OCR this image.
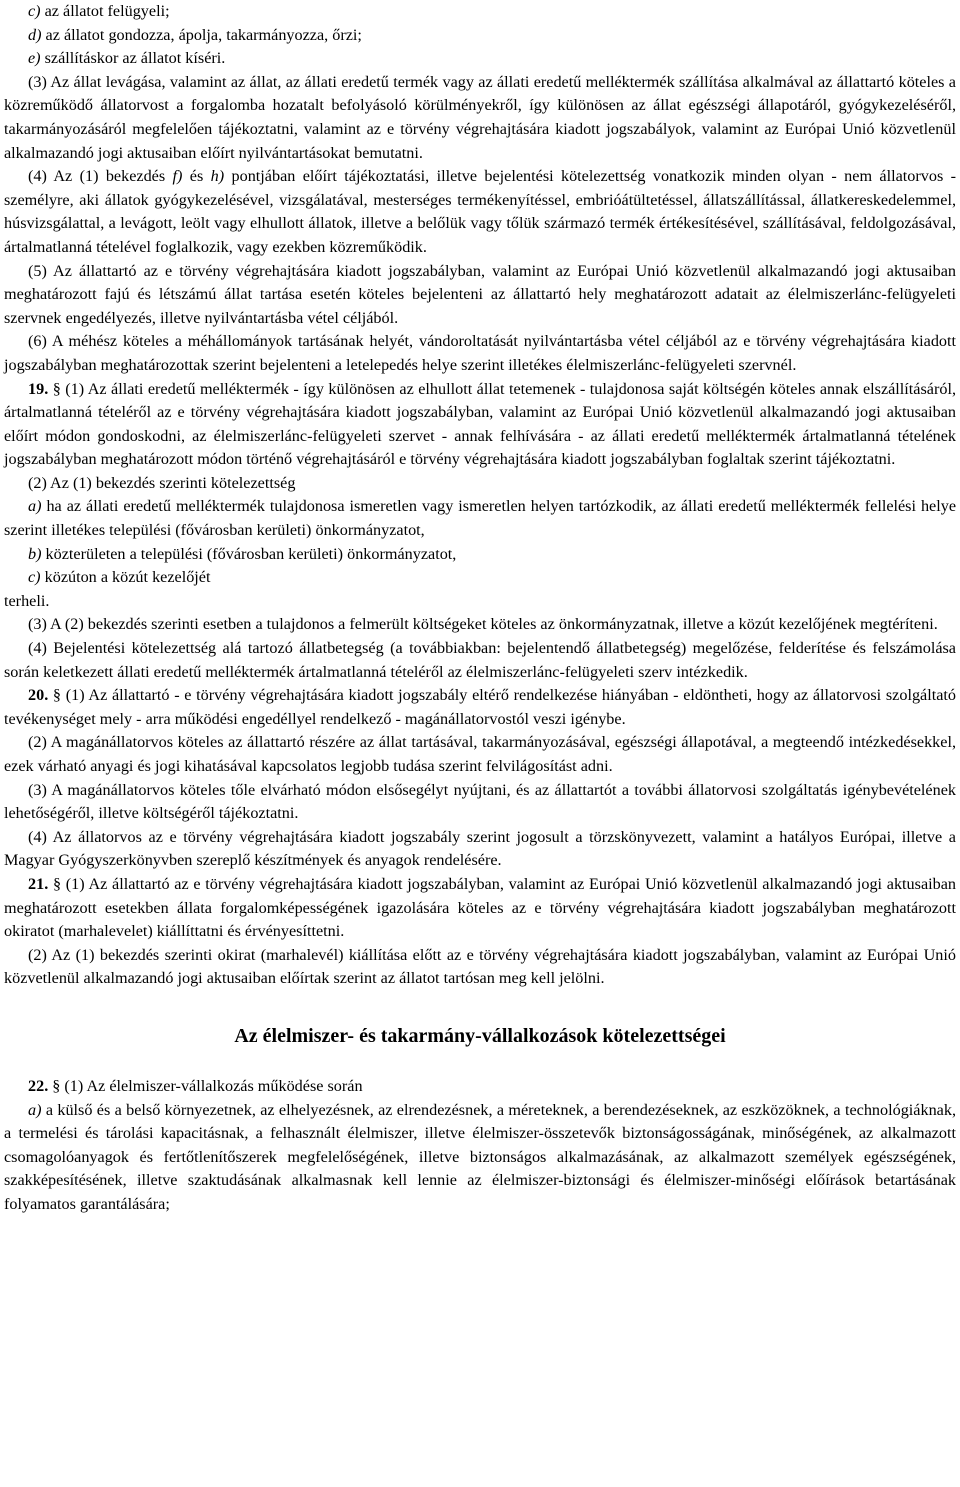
c) az állatot felügyeli;

d) az állatot gondozza, ápolja, takarmányozza, őrzi;

e) szállításkor az állatot kíséri.

(3) Az állat levágása, valamint az állat, az állati eredetű termék vagy az állati eredetű melléktermék szállítása alkalmával az állattartó köteles a közreműködő állatorvost a forgalomba hozatalt befolyásoló körülményekről, így különösen az állat egészségi állapotáról, gyógykezeléséről, takarmányozásáról megfelelően tájékoztatni, valamint az e törvény végrehajtására kiadott jogszabályok, valamint az Európai Unió közvetlenül alkalmazandó jogi aktusaiban előírt nyilvántartásokat bemutatni.

(4) Az (1) bekezdés f) és h) pontjában előírt tájékoztatási, illetve bejelentési kötelezettség vonatkozik minden olyan - nem állatorvos - személyre, aki állatok gyógykezelésével, vizsgálatával, mesterséges termékenyítéssel, embrióátültetéssel, állatszállítással, állatkereskedelemmel, húsvizsgálattal, a levágott, leölt vagy elhullott állatok, illetve a belőlük vagy tőlük származó termék értékesítésével, szállításával, feldolgozásával, ártalmatlanná tételével foglalkozik, vagy ezekben közreműködik.

(5) Az állattartó az e törvény végrehajtására kiadott jogszabályban, valamint az Európai Unió közvetlenül alkalmazandó jogi aktusaiban meghatározott fajú és létszámú állat tartása esetén köteles bejelenteni az állattartó hely meghatározott adatait az élelmiszerlánc-felügyeleti szervnek engedélyezés, illetve nyilvántartásba vétel céljából.

(6) A méhész köteles a méhállományok tartásának helyét, vándoroltatását nyilvántartásba vétel céljából az e törvény végrehajtására kiadott jogszabályban meghatározottak szerint bejelenteni a letelepedés helye szerint illetékes élelmiszerlánc-felügyeleti szervnél.

19. § (1) Az állati eredetű melléktermék - így különösen az elhullott állat tetemenek - tulajdonosa saját költségén köteles annak elszállításáról, ártalmatlanná tételéről az e törvény végrehajtására kiadott jogszabályban, valamint az Európai Unió közvetlenül alkalmazandó jogi aktusaiban előírt módon gondoskodni, az élelmiszerlánc-felügyeleti szervet - annak felhívására - az állati eredetű melléktermék ártalmatlanná tételének jogszabályban meghatározott módon történő végrehajtásáról e törvény végrehajtására kiadott jogszabályban foglaltak szerint tájékoztatni.

(2) Az (1) bekezdés szerinti kötelezettség

a) ha az állati eredetű melléktermék tulajdonosa ismeretlen vagy ismeretlen helyen tartózkodik, az állati eredetű melléktermék fellelési helye szerint illetékes települési (fővárosban kerületi) önkormányzatot,

b) közterületen a települési (fővárosban kerületi) önkormányzatot,

c) közúton a közút kezelőjét

terheli.

(3) A (2) bekezdés szerinti esetben a tulajdonos a felmerült költségeket köteles az önkormányzatnak, illetve a közút kezelőjének megtéríteni.

(4) Bejelentési kötelezettség alá tartozó állatbetegség (a továbbiakban: bejelentendő állatbetegség) megelőzése, felderítése és felszámolása során keletkezett állati eredetű melléktermék ártalmatlanná tételéről az élelmiszerlánc-felügyeleti szerv intézkedik.

20. § (1) Az állattartó - e törvény végrehajtására kiadott jogszabály eltérő rendelkezése hiányában - eldöntheti, hogy az állatorvosi szolgáltató tevékenységet mely - arra működési engedéllyel rendelkező - magánállatorvostól veszi igénybe.

(2) A magánállatorvos köteles az állattartó részére az állat tartásával, takarmányozásával, egészségi állapotával, a megteendő intézkedésekkel, ezek várható anyagi és jogi kihatásával kapcsolatos legjobb tudása szerint felvilágosítást adni.

(3) A magánállatorvos köteles tőle elvárható módon elsősegélyt nyújtani, és az állattartót a további állatorvosi szolgáltatás igénybevételének lehetőségéről, illetve költségéről tájékoztatni.

(4) Az állatorvos az e törvény végrehajtására kiadott jogszabály szerint jogosult a törzskönyvezett, valamint a hatályos Európai, illetve a Magyar Gyógyszerkönyvben szereplő készítmények és anyagok rendelésére.

21. § (1) Az állattartó az e törvény végrehajtására kiadott jogszabályban, valamint az Európai Unió közvetlenül alkalmazandó jogi aktusaiban meghatározott esetekben állata forgalomképességének igazolására köteles az e törvény végrehajtására kiadott jogszabályban meghatározott okiratot (marhalevelet) kiállíttatni és érvényesíttetni.

(2) Az (1) bekezdés szerinti okirat (marhalevél) kiállítása előtt az e törvény végrehajtására kiadott jogszabályban, valamint az Európai Unió közvetlenül alkalmazandó jogi aktusaiban előírtak szerint az állatot tartósan meg kell jelölni.

Az élelmiszer- és takarmány-vállalkozások kötelezettségei

22. § (1) Az élelmiszer-vállalkozás működése során

a) a külső és a belső környezetnek, az elhelyezésnek, az elrendezésnek, a méreteknek, a berendezéseknek, az eszközöknek, a technológiáknak, a termelési és tárolási kapacitásnak, a felhasznált élelmiszer, illetve élelmiszer-összetevők biztonságosságának, minőségének, az alkalmazott csomagolóanyagok és fertőtlenítőszerek megfelelőségének, illetve biztonságos alkalmazásának, az alkalmazott személyek egészségének, szakképesítésének, illetve szaktudásának alkalmasnak kell lennie az élelmiszer-biztonsági és élelmiszer-minőségi előírások betartásának folyamatos garantálására;
